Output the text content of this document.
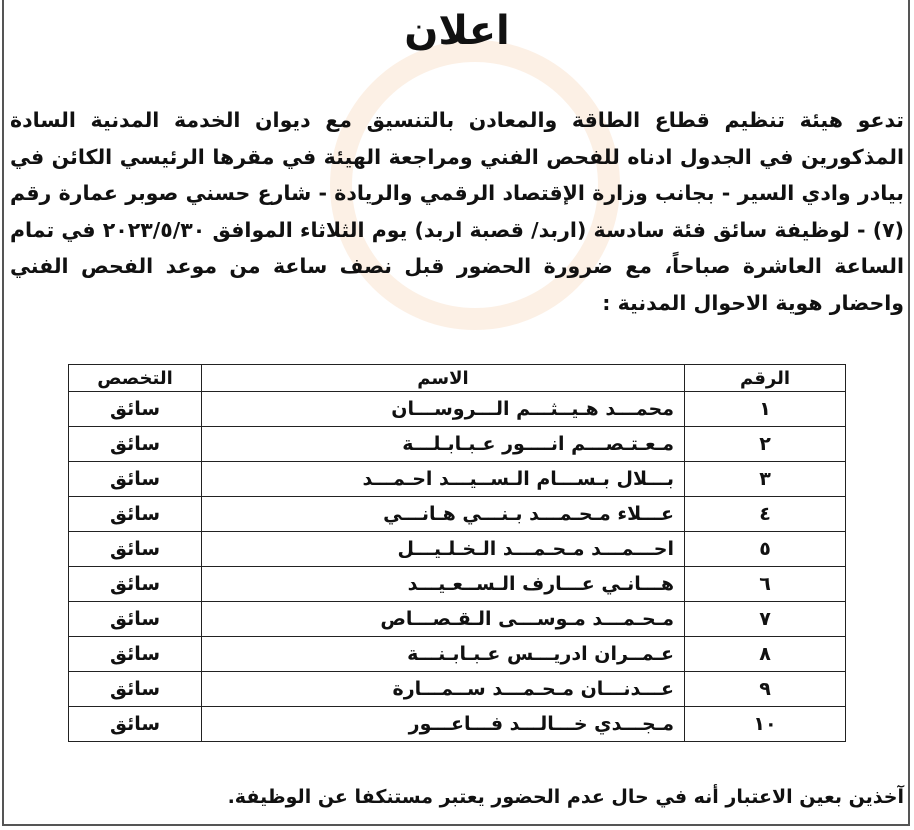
اعلان
تدعو هيئة تنظيم قطاع الطاقة والمعادن بالتنسيق مع ديوان الخدمة المدنية السادة المذكورين في الجدول ادناه للفحص الفني ومراجعة الهيئة في مقرها الرئيسي الكائن في بيادر وادي السير - بجانب وزارة الإقتصاد الرقمي والريادة - شارع حسني صوبر عمارة رقم (٧) - لوظيفة سائق فئة سادسة (اربد/ قصبة اربد) يوم الثلاثاء الموافق ٢٠٢٣/٥/٣٠ في تمام الساعة العاشرة صباحاً، مع ضرورة الحضور قبل نصف ساعة من موعد الفحص الفني واحضار هوية الاحوال المدنية :
الرقم	الاسم	التخصص
١	محمـــد هـيــثـــم الـــروســـان	سائق
٢	مـعـتـصـــم انــــور عـبـابـلـــة	سائق
٣	بـــلال بـســـام الـســيـــد احـمـــد	سائق
٤	عـــلاء مـحـمـــد بـنـــي هـانـــي	سائق
٥	احـــمـــد مـحـمـــد الـخـلـيـــل	سائق
٦	هـــانـي عـــارف الـســعـيـــد	سائق
٧	مـحـمـــد مـوســـى الـقـصـــاص	سائق
٨	عـمــران ادريـــس عـبـابـنـــة	سائق
٩	عـــدنـــان مـحـمـــد ســمـــارة	سائق
١٠	مـجـــدي خـــالـــد فـــاعـــور	سائق
آخذين بعين الاعتبار أنه في حال عدم الحضور يعتبر مستنكفا عن الوظيفة.
